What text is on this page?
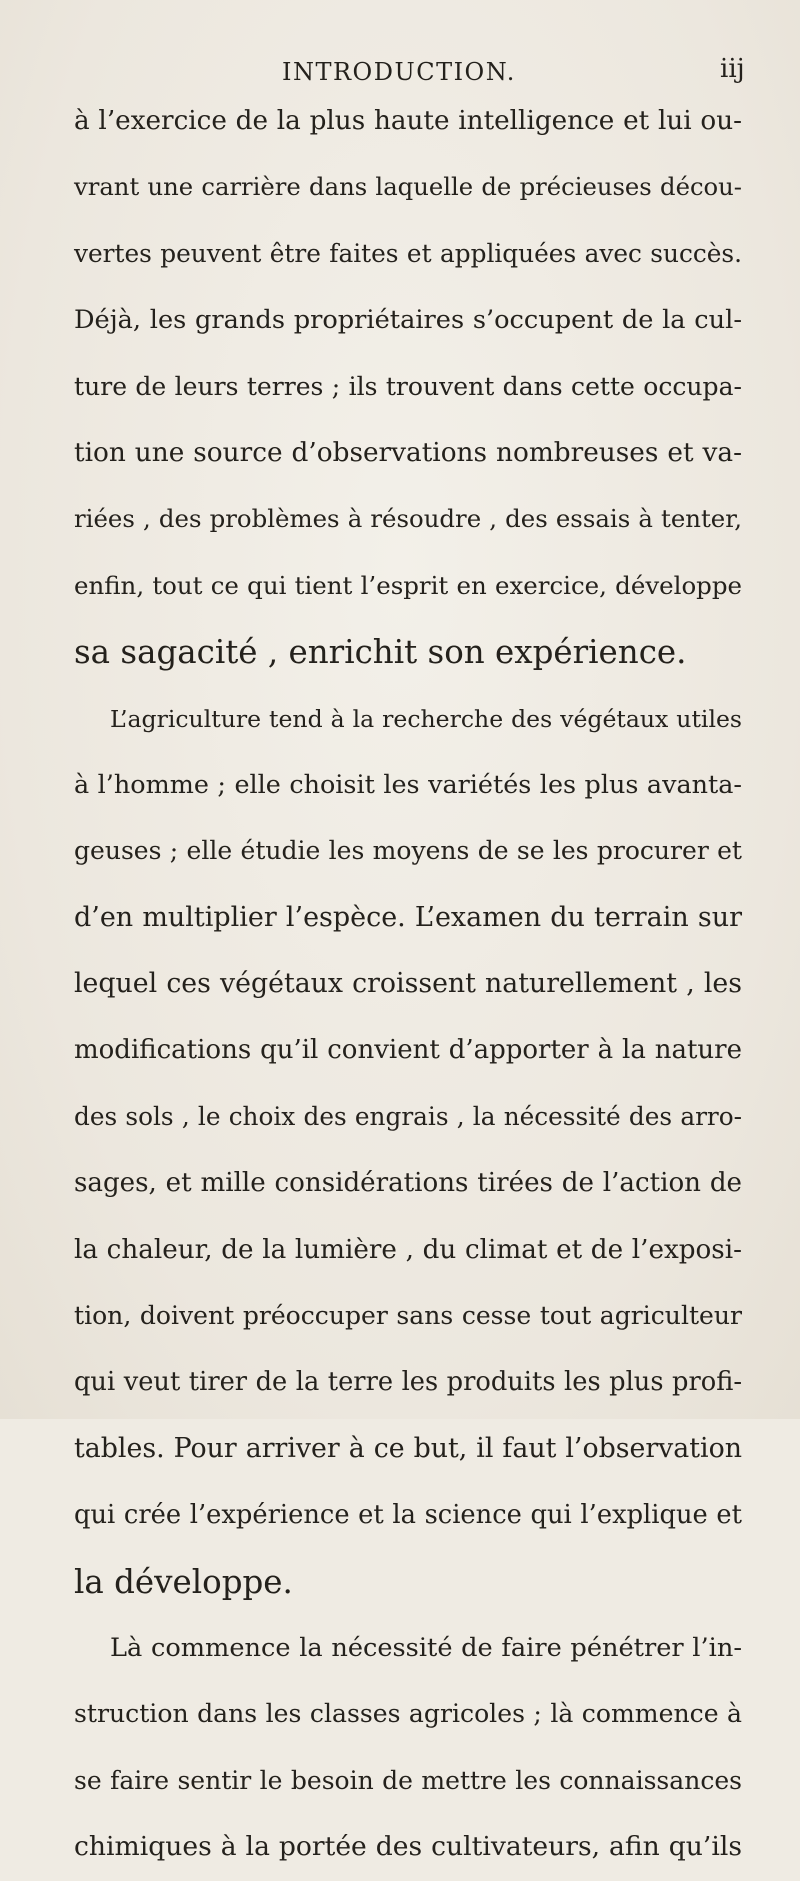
INTRODUCTION.	iij
à l’exercice de la plus haute intelligence et lui ou-
vrant une carrière dans laquelle de précieuses décou-
vertes peuvent être faites et appliquées avec succès.
Déjà, les grands propriétaires s’occupent de la cul-
ture de leurs terres ; ils trouvent dans cette occupa-
tion une source d’observations nombreuses et va-
riées , des problèmes à résoudre , des essais à tenter,
enfin, tout ce qui tient l’esprit en exercice, développe
sa sagacité , enrichit son expérience.
L’agriculture tend à la recherche des végétaux utiles
à l’homme ; elle choisit les variétés les plus avanta-
geuses ; elle étudie les moyens de se les procurer et
d’en multiplier l’espèce. L’examen du terrain sur
lequel ces végétaux croissent naturellement , les
modifications qu’il convient d’apporter à la nature
des sols , le choix des engrais , la nécessité des arro-
sages, et mille considérations tirées de l’action de
la chaleur, de la lumière , du climat et de l’exposi-
tion, doivent préoccuper sans cesse tout agriculteur
qui veut tirer de la terre les produits les plus profi-
tables. Pour arriver à ce but, il faut l’observation
qui crée l’expérience et la science qui l’explique et
la développe.
Là commence la nécessité de faire pénétrer l’in-
struction dans les classes agricoles ; là commence à
se faire sentir le besoin de mettre les connaissances
chimiques à la portée des cultivateurs, afin qu’ils
